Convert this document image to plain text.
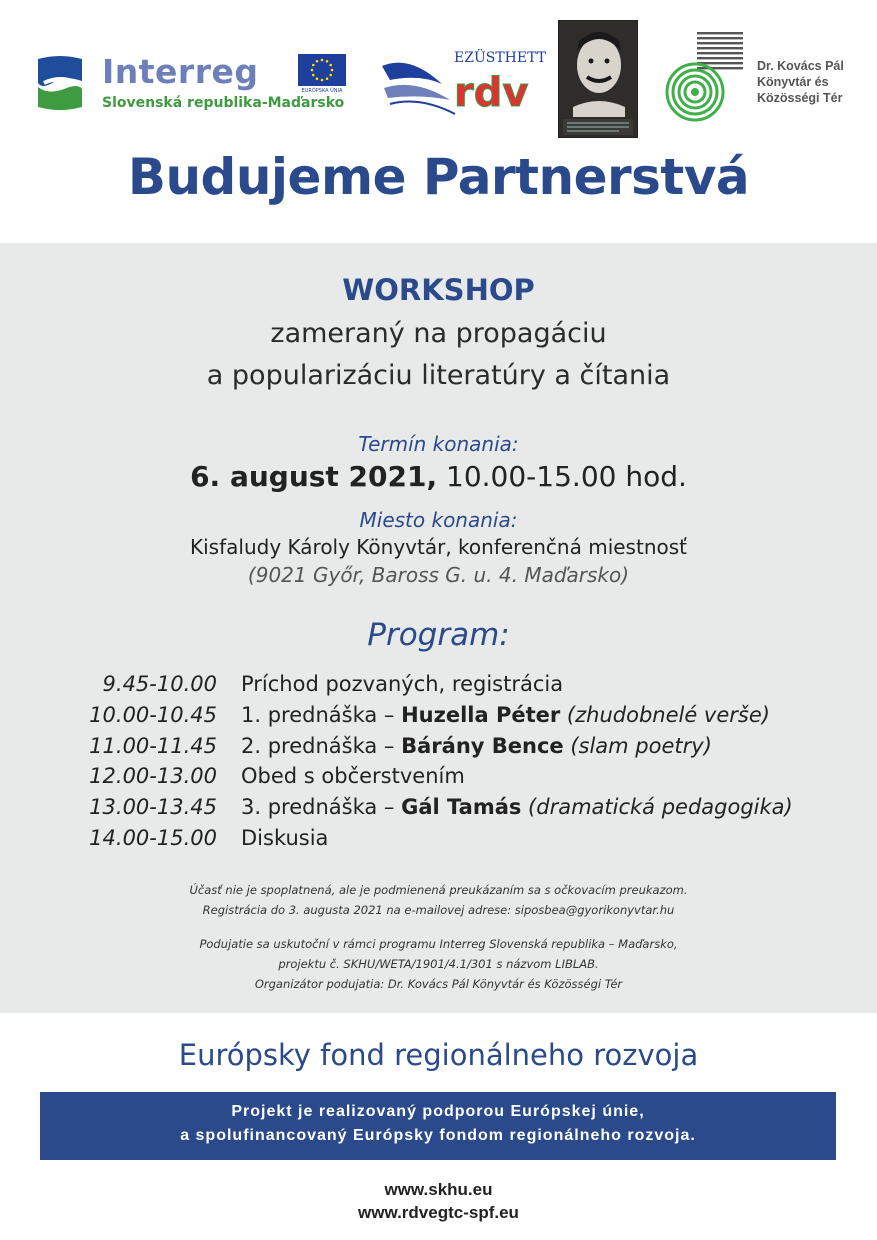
Interreg
Slovenská republika-Maďarsko
EURÓPSKA ÚNIA
EZÜSTHETT
rdv
Dr. Kovács Pál
Könyvtár és
Közösségi Tér
Budujeme Partnerstvá
WORKSHOP
zameraný na propagáciu
a popularizáciu literatúry a čítania
Termín konania:
6. august 2021, 10.00-15.00 hod.
Miesto konania:
Kisfaludy Károly Könyvtár, konferenčná miestnosť
(9021 Győr, Baross G. u. 4. Maďarsko)
Program:
9.45-10.00 Príchod pozvaných, registrácia
10.00-10.45 1. prednáška – Huzella Péter (zhudobnelé verše)
11.00-11.45 2. prednáška – Bárány Bence (slam poetry)
12.00-13.00 Obed s občerstvením
13.00-13.45 3. prednáška – Gál Tamás (dramatická pedagogika)
14.00-15.00 Diskusia
Účasť nie je spoplatnená, ale je podmienená preukázaním sa s očkovacím preukazom.
Registrácia do 3. augusta 2021 na e-mailovej adrese: siposbea@gyorikonyvtar.hu
Podujatie sa uskutoční v rámci programu Interreg Slovenská republika – Maďarsko,
projektu č. SKHU/WETA/1901/4.1/301 s názvom LIBLAB.
Organizátor podujatia: Dr. Kovács Pál Könyvtár és Közösségi Tér
Európsky fond regionálneho rozvoja
Projekt je realizovaný podporou Európskej únie,
a spolufinancovaný Európsky fondom regionálneho rozvoja.
www.skhu.eu
www.rdvegtc-spf.eu
